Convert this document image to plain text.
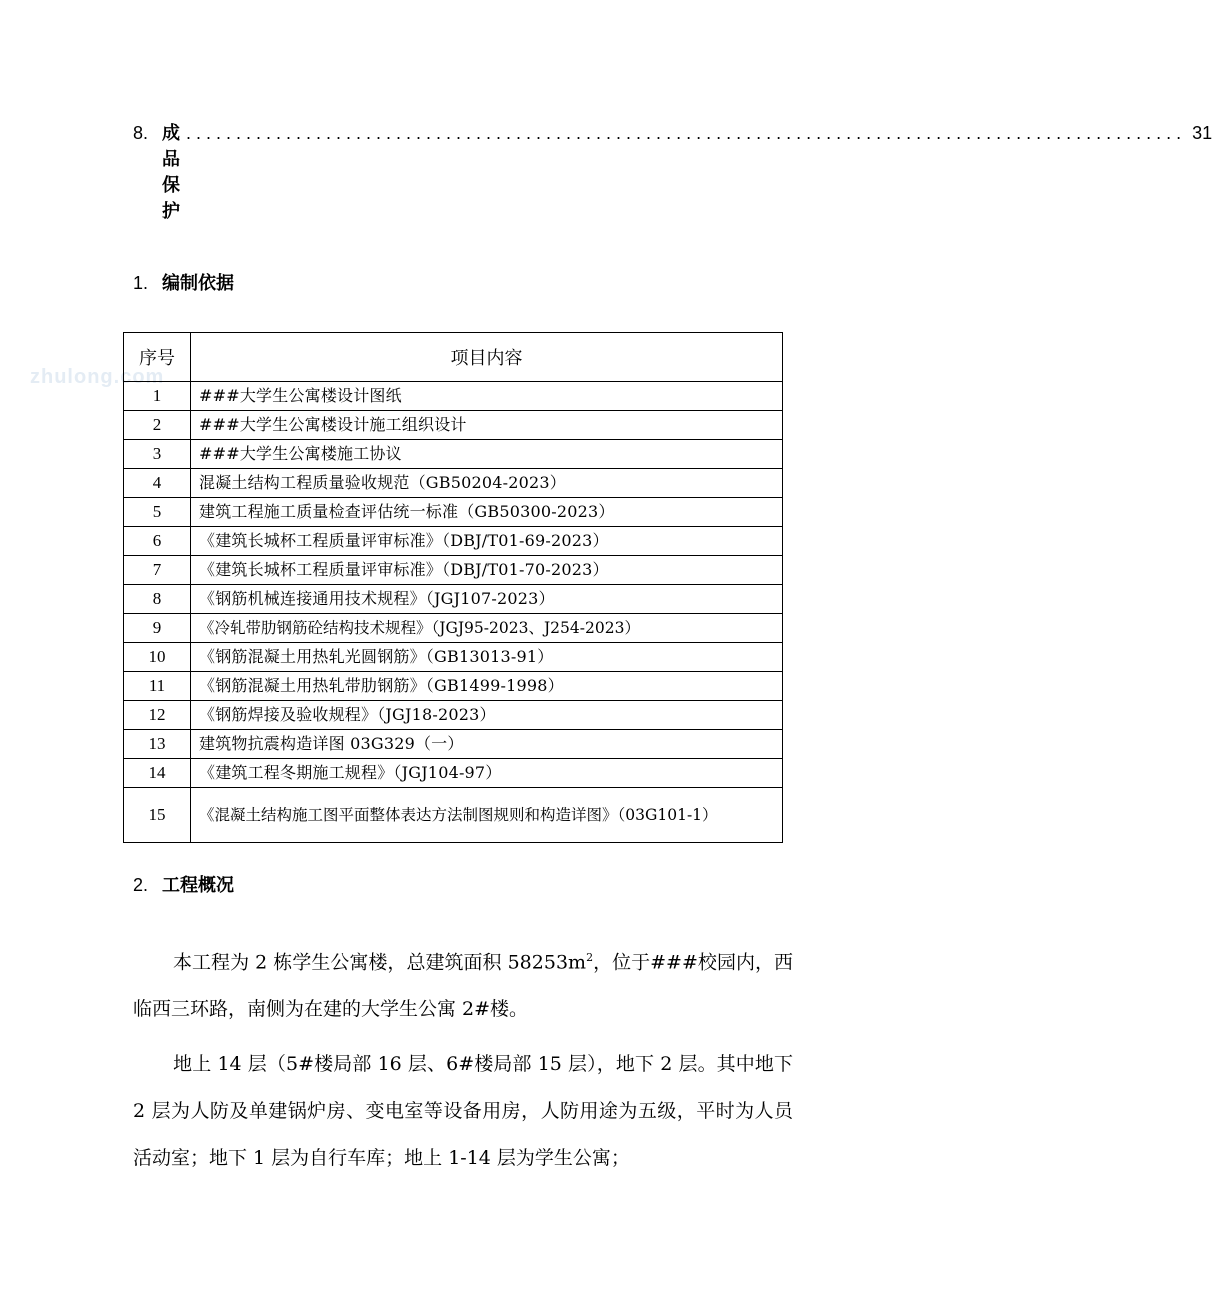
zhulong.com
8. 成品保护
.................................................................................................... 31
1. 编制依据
序号	项目内容
1	###大学生公寓楼设计图纸
2	###大学生公寓楼设计施工组织设计
3	###大学生公寓楼施工协议
4	混凝土结构工程质量验收规范（GB50204-2023）
5	建筑工程施工质量检查评估统一标准（GB50300-2023）
6	《建筑长城杯工程质量评审标准》（DBJ/T01-69-2023）
7	《建筑长城杯工程质量评审标准》（DBJ/T01-70-2023）
8	《钢筋机械连接通用技术规程》（JGJ107-2023）
9	《冷轧带肋钢筋砼结构技术规程》（JGJ95-2023、J254-2023）
10	《钢筋混凝土用热轧光圆钢筋》（GB13013-91）
11	《钢筋混凝土用热轧带肋钢筋》（GB1499-1998）
12	《钢筋焊接及验收规程》（JGJ18-2023）
13	建筑物抗震构造详图 03G329（一）
14	《建筑工程冬期施工规程》（JGJ104-97）
15	《混凝土结构施工图平面整体表达方法制图规则和构造详图》（03G101-1）
2. 工程概况
本工程为 2 栋学生公寓楼，总建筑面积 $58253m^2$，位于###校园内，西临西三环路，南侧为在建的大学生公寓 2#楼。
地上 14 层（5#楼局部 16 层、6#楼局部 15 层），地下 2 层。其中地下 2 层为人防及单建锅炉房、变电室等设备用房，人防用途为五级，平时为人员活动室；地下 1 层为自行车库；地上 1-14 层为学生公寓；
